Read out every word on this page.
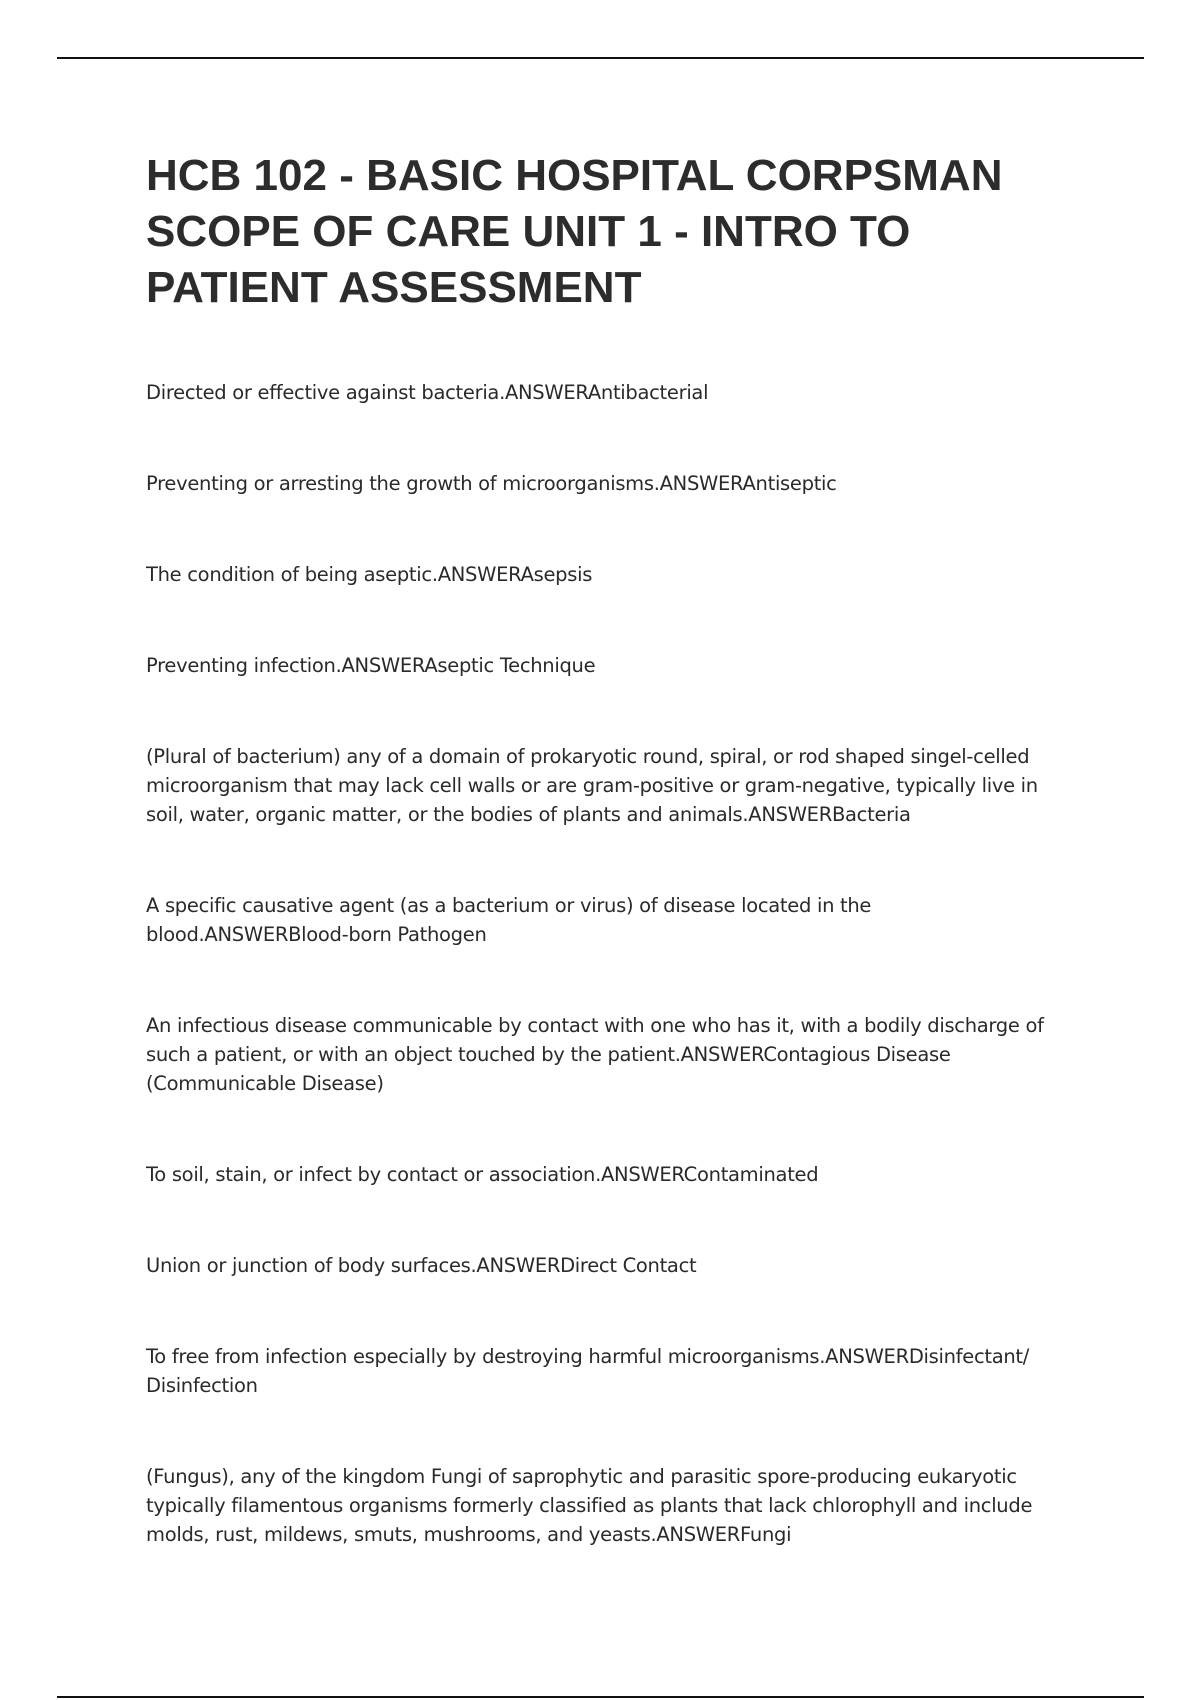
HCB 102 - BASIC HOSPITAL CORPSMAN SCOPE OF CARE UNIT 1 - INTRO TO PATIENT ASSESSMENT
Directed or effective against bacteria.ANSWERAntibacterial
Preventing or arresting the growth of microorganisms.ANSWERAntiseptic
The condition of being aseptic.ANSWERAsepsis
Preventing infection.ANSWERAseptic Technique
(Plural of bacterium) any of a domain of prokaryotic round, spiral, or rod shaped singel-celled microorganism that may lack cell walls or are gram-positive or gram-negative, typically live in soil, water, organic matter, or the bodies of plants and animals.ANSWERBacteria
A specific causative agent (as a bacterium or virus) of disease located in the blood.ANSWERBlood-born Pathogen
An infectious disease communicable by contact with one who has it, with a bodily discharge of such a patient, or with an object touched by the patient.ANSWERContagious Disease (Communicable Disease)
To soil, stain, or infect by contact or association.ANSWERContaminated
Union or junction of body surfaces.ANSWERDirect Contact
To free from infection especially by destroying harmful microorganisms.ANSWERDisinfectant/ Disinfection
(Fungus), any of the kingdom Fungi of saprophytic and parasitic spore-producing eukaryotic typically filamentous organisms formerly classified as plants that lack chlorophyll and include molds, rust, mildews, smuts, mushrooms, and yeasts.ANSWERFungi
